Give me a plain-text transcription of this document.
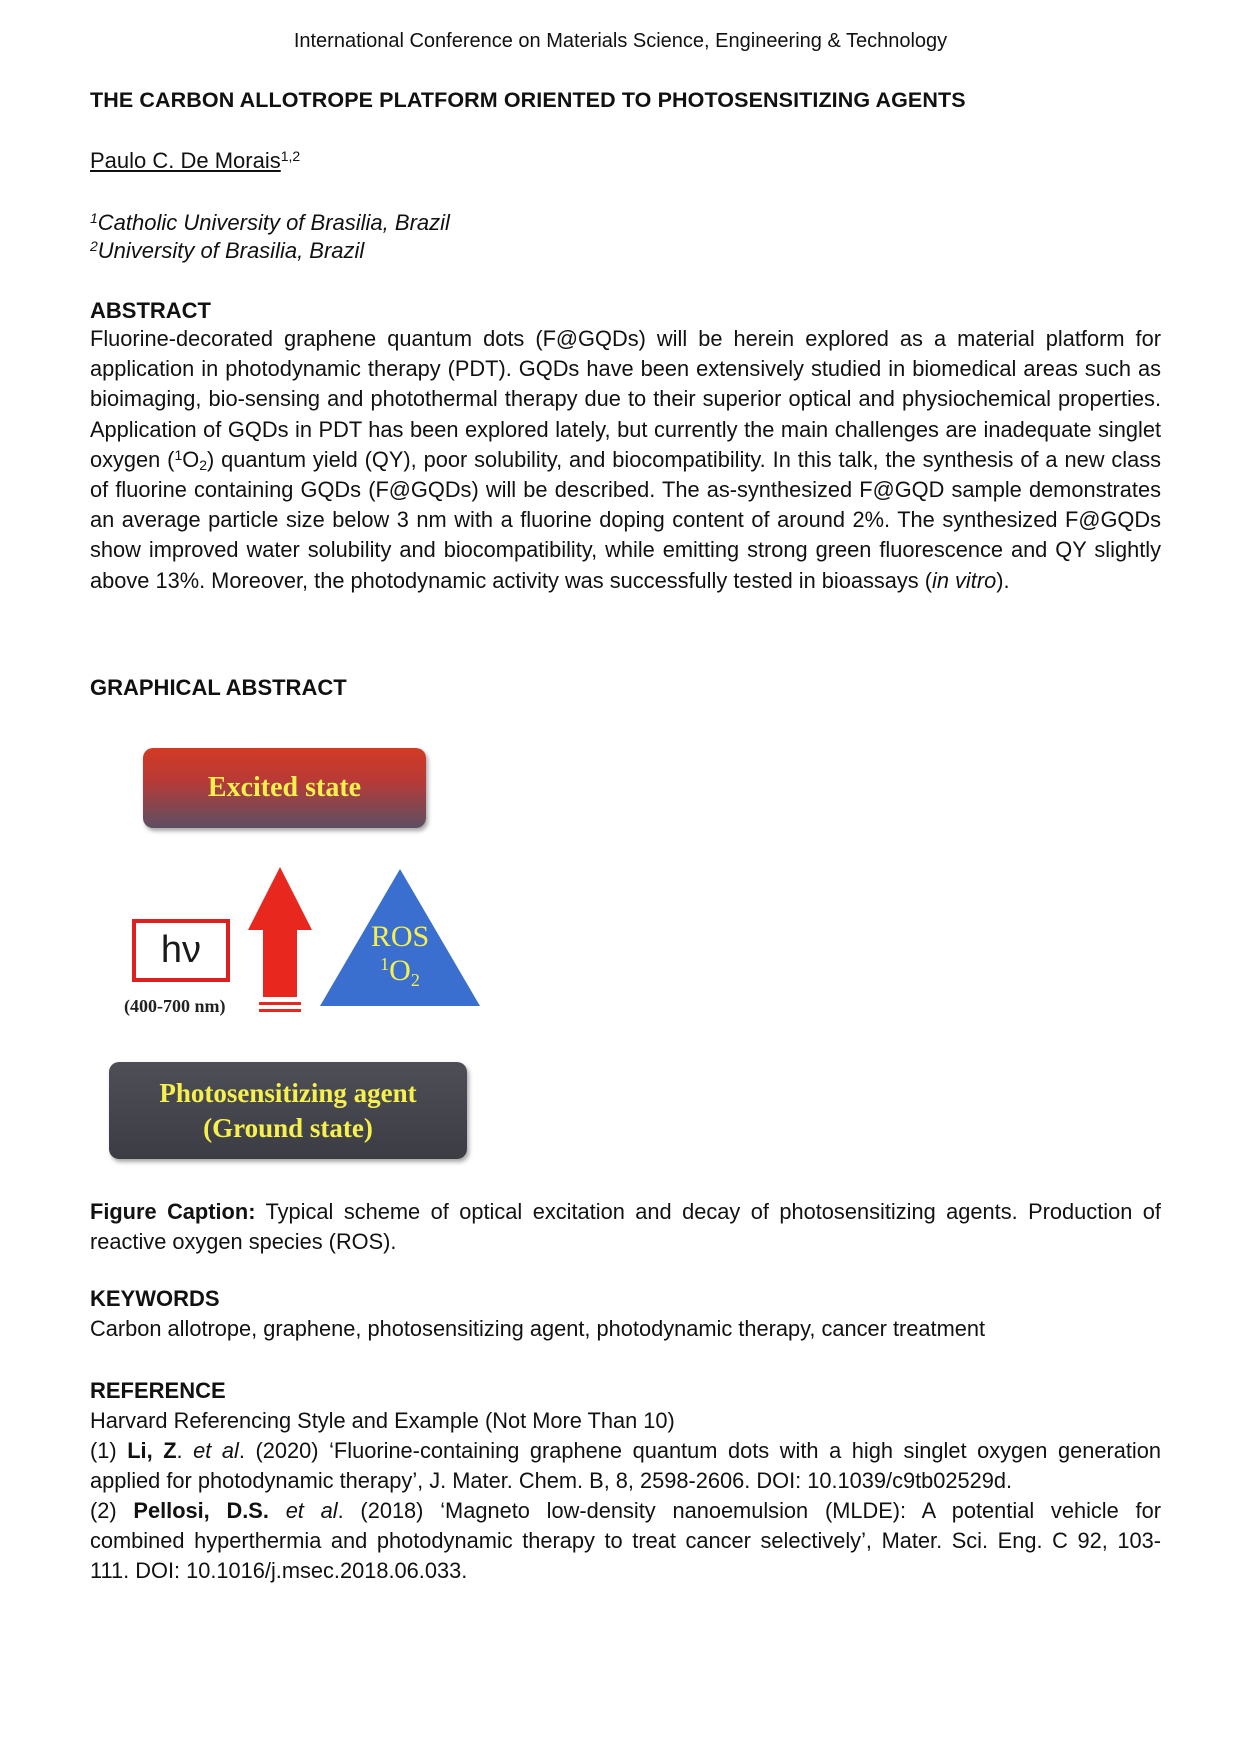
International Conference on Materials Science, Engineering & Technology
THE CARBON ALLOTROPE PLATFORM ORIENTED TO PHOTOSENSITIZING AGENTS
Paulo C. De Morais$^{1,2}$
$^1$Catholic University of Brasilia, Brazil
$^2$University of Brasilia, Brazil
ABSTRACT
Fluorine-decorated graphene quantum dots (F@GQDs) will be herein explored as a material platform for application in photodynamic therapy (PDT). GQDs have been extensively studied in biomedical areas such as bioimaging, bio-sensing and photothermal therapy due to their superior optical and physiochemical properties. Application of GQDs in PDT has been explored lately, but currently the main challenges are inadequate singlet oxygen $(^1O_2)$ quantum yield (QY), poor solubility, and biocompatibility. In this talk, the synthesis of a new class of fluorine containing GQDs (F@GQDs) will be described. The as-synthesized F@GQD sample demonstrates an average particle size below 3 nm with a fluorine doping content of around 2%. The synthesized F@GQDs show improved water solubility and biocompatibility, while emitting strong green fluorescence and QY slightly above 13%. Moreover, the photodynamic activity was successfully tested in bioassays (in vitro).
GRAPHICAL ABSTRACT
Excited state
ROS
$^1O_2$
hν
(400-700 nm)
Photosensitizing agent
(Ground state)
Figure Caption: Typical scheme of optical excitation and decay of photosensitizing agents. Production of reactive oxygen species (ROS).
KEYWORDS
Carbon allotrope, graphene, photosensitizing agent, photodynamic therapy, cancer treatment
REFERENCE
Harvard Referencing Style and Example (Not More Than 10)
(1) Li, Z. et al. (2020) ‘Fluorine-containing graphene quantum dots with a high singlet oxygen generation
applied for photodynamic therapy’, J. Mater. Chem. B, 8, 2598-2606. DOI: 10.1039/c9tb02529d.
(2) Pellosi, D.S. et al. (2018) ‘Magneto low-density nanoemulsion (MLDE): A potential vehicle for
combined hyperthermia and photodynamic therapy to treat cancer selectively’, Mater. Sci. Eng. C 92, 103-
111. DOI: 10.1016/j.msec.2018.06.033.
